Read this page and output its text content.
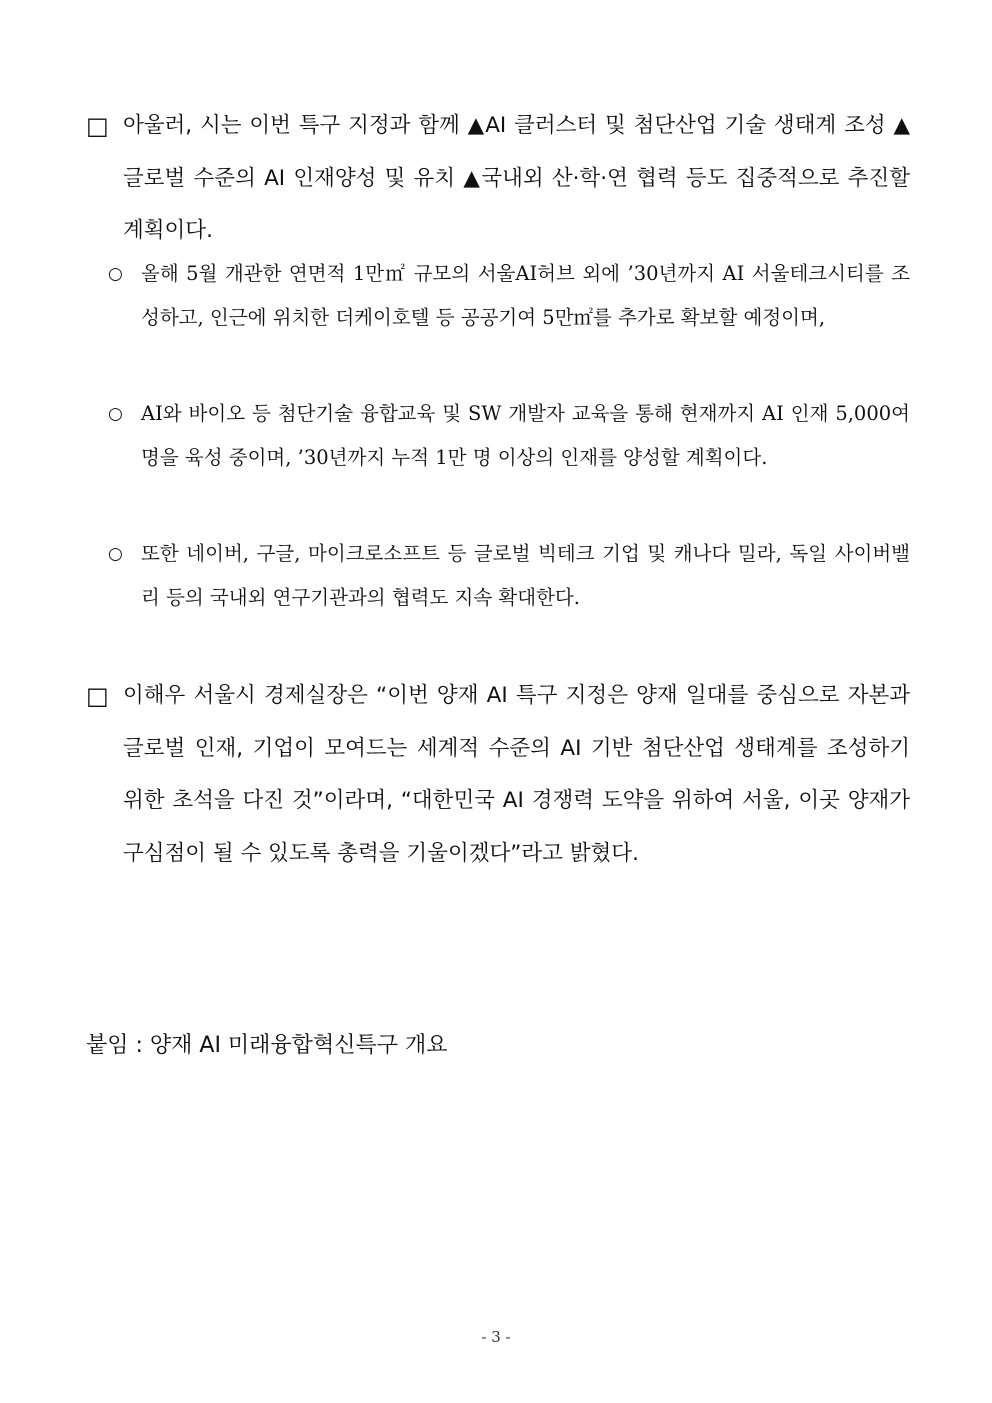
□ 아울러, 시는 이번 특구 지정과 함께 ▲AI 클러스터 및 첨단산업 기술 생태계 조성 ▲글로벌 수준의 AI 인재양성 및 유치 ▲국내외 산·학·연 협력 등도 집중적으로 추진할 계획이다.
○ 올해 5월 개관한 연면적 1만㎡ 규모의 서울AI허브 외에 ’30년까지 AI 서울테크시티를 조성하고, 인근에 위치한 더케이호텔 등 공공기여 5만㎡를 추가로 확보할 예정이며,
○ AI와 바이오 등 첨단기술 융합교육 및 SW 개발자 교육을 통해 현재까지 AI 인재 5,000여 명을 육성 중이며, ’30년까지 누적 1만 명 이상의 인재를 양성할 계획이다.
○ 또한 네이버, 구글, 마이크로소프트 등 글로벌 빅테크 기업 및 캐나다 밀라, 독일 사이버밸리 등의 국내외 연구기관과의 협력도 지속 확대한다.
□ 이해우 서울시 경제실장은 “이번 양재 AI 특구 지정은 양재 일대를 중심으로 자본과 글로벌 인재, 기업이 모여드는 세계적 수준의 AI 기반 첨단산업 생태계를 조성하기 위한 초석을 다진 것”이라며, “대한민국 AI 경쟁력 도약을 위하여 서울, 이곳 양재가 구심점이 될 수 있도록 총력을 기울이겠다”라고 밝혔다.
붙임 : 양재 AI 미래융합혁신특구 개요
- 3 -
